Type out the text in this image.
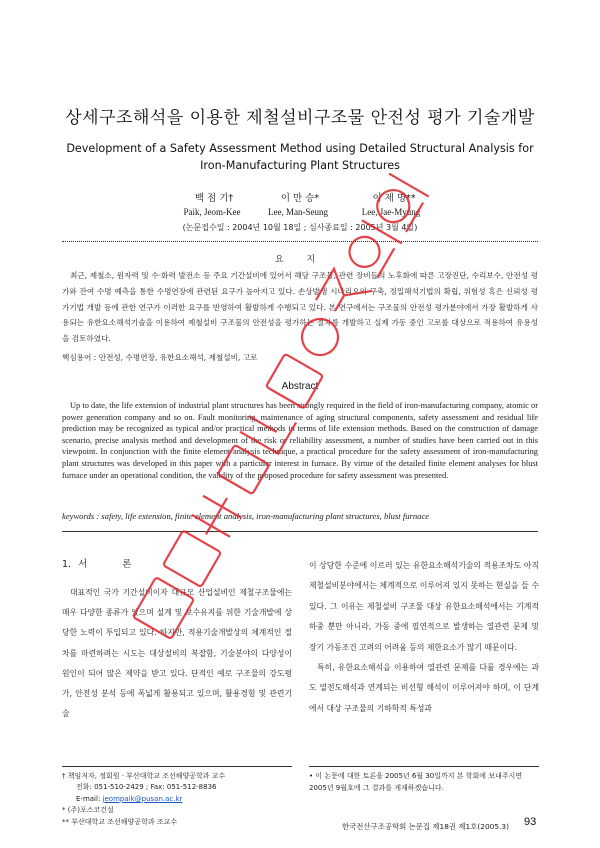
상세구조해석을 이용한 제철설비구조물 안전성 평가 기술개발
Development of a Safety Assessment Method using Detailed Structural Analysis for Iron-Manufacturing Plant Structures
백 점 기†	이 만 승*	이 제 명**
Paik, Jeom-Kee	Lee, Man-Seung	Lee, Jae-Myung
(논문접수일 : 2004년 10월 18일 ; 심사종료일 : 2005년 3월 4일)
요 지
최근, 제철소, 원자력 및 수·화력 발전소 등 주요 기간설비에 있어서 해당 구조물, 관련 장비들의 노후화에 따른 고장진단, 수리보수, 안전성 평가와 잔여 수명 예측을 통한 수명연장에 관련된 요구가 높아지고 있다. 손상발생 시나리오의 구축, 정밀해석기법의 확립, 위험성 혹은 신뢰성 평가기법 개발 등에 관한 연구가 이러한 요구를 반영하여 활발하게 수행되고 있다. 본 연구에서는 구조물의 안전성 평가분야에서 가장 활발하게 사용되는 유한요소해석기술을 이용하여 제철설비 구조물의 안전성을 평가하는 절차를 개발하고 실제 가동 중인 고로를 대상으로 적용하여 유용성을 검토하였다.
핵심용어 : 안전성, 수명연장, 유한요소해석, 제철설비, 고로
Abstract
Up to date, the life extension of industrial plant structures has been strongly required in the field of iron-manufacturing company, atomic or power generation company and so on. Fault monitoring, maintenance of aging structural components, safety assessment and residual life prediction may be recognized as typical and/or practical methods in terms of life extension methods. Based on the construction of damage scenario, precise analysis method and development of the risk or reliability assessment, a number of studies have been carried out in this viewpoint. In conjunction with the finite element analysis technique, a practical procedure for the safety assessment of iron-manufacturing plant structures was developed in this paper with a particular interest in furnace. By virtue of the detailed finite element analyses for blust furnace under an operational condition, the validity of the proposed procedure for safety assessment was presented.
keywords : safety, life extension, finite element analysis, iron-manufacturing plant structures, blust furnace
1. 서 론

대표적인 국가 기간설비이자 대규모 산업설비인 제철구조물에는 매우 다양한 종류가 있으며 설계 및 보수유지를 위한 기술개발에 상당한 노력이 투입되고 있다. 하지만, 적용기술개발상의 체계적인 절차를 마련하려는 시도는 대상설비의 복잡함, 기술분야의 다양성이 원인이 되어 많은 제약을 받고 있다. 단적인 예로 구조물의 강도평가, 안전성 분석 등에 폭넓게 활용되고 있으며, 활용경험 및 관련기술

이 상당한 수준에 이르러 있는 유한요소해석기술의 적용조차도 아직 제철설비분야에서는 체계적으로 이루어져 있지 못하는 현실을 들 수 있다. 그 이유는 제철설비 구조물 대상 유한요소해석에서는 기계적 하중 뿐만 아니라, 가동 중에 필연적으로 발생하는 열관련 문제 및 장기 가동조건 고려의 어려움 등의 제한요소가 많기 때문이다.

특히, 유한요소해석을 이용하여 열관련 문제를 다룰 경우에는 과도 열전도해석과 연계되는 비선형 해석이 이루어져야 하며, 이 단계에서 대상 구조물의 기하학적 특성과

† 책임저자, 정회원 · 부산대학교 조선해양공학과 교수
전화: 051-510-2429 ; Fax: 051-512-8836
E-mail: jeompaik@pusan.ac.kr
* (주)포스코건설
** 부산대학교 조선해양공학과 조교수
• 이 논문에 대한 토론을 2005년 6월 30일까지 본 학회에 보내주시면 2005년 9월호에 그 결과를 게재하겠습니다.
한국전산구조공학회 논문집 제18권 제1호(2005.3) 93
